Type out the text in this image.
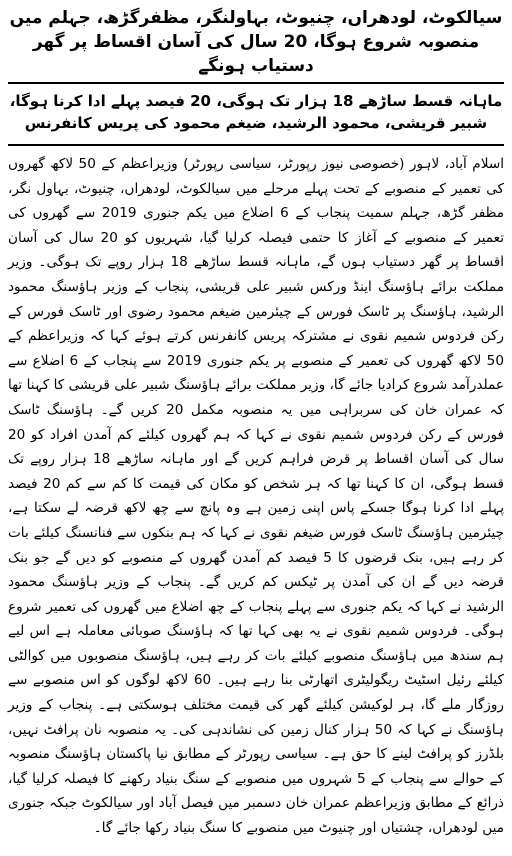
سیالکوٹ، لودھراں، چنیوٹ، بہاولنگر، مظفرگڑھ، جہلم میں منصوبہ شروع ہوگا، 20 سال کی آسان اقساط پر گھر دستیاب ہونگے
ماہانہ قسط ساڑھے 18 ہزار تک ہوگی، 20 فیصد پہلے ادا کرنا ہوگا، شبیر قریشی، محمود الرشید، ضیغم محمود کی پریس کانفرنس

اسلام آباد، لاہور (خصوصی نیوز رپورٹر، سیاسی رپورٹر) وزیراعظم کے 50 لاکھ گھروں کی تعمیر کے منصوبے کے تحت پہلے مرحلے میں سیالکوٹ، لودھراں، چنیوٹ، بہاول نگر، مظفر گڑھ، جہلم سمیت پنجاب کے 6 اضلاع میں یکم جنوری 2019 سے گھروں کی تعمیر کے منصوبے کے آغاز کا حتمی فیصلہ کرلیا گیا، شہریوں کو 20 سال کی آسان اقساط پر گھر دستیاب ہوں گے، ماہانہ قسط ساڑھے 18 ہزار روپے تک ہوگی۔ وزیر مملکت برائے ہاؤسنگ اینڈ ورکس شبیر علی قریشی، پنجاب کے وزیر ہاؤسنگ محمود الرشید، ہاؤسنگ پر ٹاسک فورس کے چیئرمین ضیغم محمود رضوی اور ٹاسک فورس کے رکن فردوس شمیم نقوی نے مشترکہ پریس کانفرنس کرتے ہوئے کہا کہ وزیراعظم کے 50 لاکھ گھروں کی تعمیر کے منصوبے پر یکم جنوری 2019 سے پنجاب کے 6 اضلاع سے عملدرآمد شروع کرادیا جائے گا، وزیر مملکت برائے ہاؤسنگ شبیر علی قریشی کا کہنا تھا کہ عمران خان کی سربراہی میں یہ منصوبہ مکمل 20 کریں گے۔ ہاؤسنگ ٹاسک فورس کے رکن فردوس شمیم نقوی نے کہا کہ ہم گھروں کیلئے کم آمدن افراد کو 20 سال کی آسان اقساط پر قرض فراہم کریں گے اور ماہانہ ساڑھے 18 ہزار روپے تک قسط ہوگی، ان کا کہنا تھا کہ ہر شخص کو مکان کی قیمت کا کم سے کم 20 فیصد پہلے ادا کرنا ہوگا جسکے پاس اپنی زمین ہے وہ پانچ سے چھ لاکھ قرضہ لے سکتا ہے، چیئرمین ہاؤسنگ ٹاسک فورس ضیغم نقوی نے کہا کہ ہم بنکوں سے فنانسنگ کیلئے بات کر رہے ہیں، بنک قرضوں کا 5 فیصد کم آمدن گھروں کے منصوبے کو دیں گے جو بنک قرضہ دیں گے ان کی آمدن پر ٹیکس کم کریں گے۔ پنجاب کے وزیر ہاؤسنگ محمود الرشید نے کہا کہ یکم جنوری سے پہلے پنجاب کے چھ اضلاع میں گھروں کی تعمیر شروع ہوگی۔ فردوس شمیم نقوی نے یہ بھی کہا تھا کہ ہاؤسنگ صوبائی معاملہ ہے اس لیے ہم سندھ میں ہاؤسنگ منصوبے کیلئے بات کر رہے ہیں، ہاؤسنگ منصوبوں میں کوالٹی کیلئے رئیل اسٹیٹ ریگولیٹری اتھارٹی بنا رہے ہیں۔ 60 لاکھ لوگوں کو اس منصوبے سے روزگار ملے گا، ہر لوکیشن کیلئے گھر کی قیمت مختلف ہوسکتی ہے۔ پنجاب کے وزیر ہاؤسنگ نے کہا کہ 50 ہزار کنال زمین کی نشاندہی کی۔ یہ منصوبہ نان پرافٹ نہیں، بلڈرز کو پرافٹ لینے کا حق ہے۔ سیاسی رپورٹر کے مطابق نیا پاکستان ہاؤسنگ منصوبہ کے حوالے سے پنجاب کے 5 شہروں میں منصوبے کے سنگ بنیاد رکھنے کا فیصلہ کرلیا گیا، ذرائع کے مطابق وزیراعظم عمران خان دسمبر میں فیصل آباد اور سیالکوٹ جبکہ جنوری میں لودھراں، چشتیاں اور چنیوٹ میں منصوبے کا سنگ بنیاد رکھا جائے گا۔
